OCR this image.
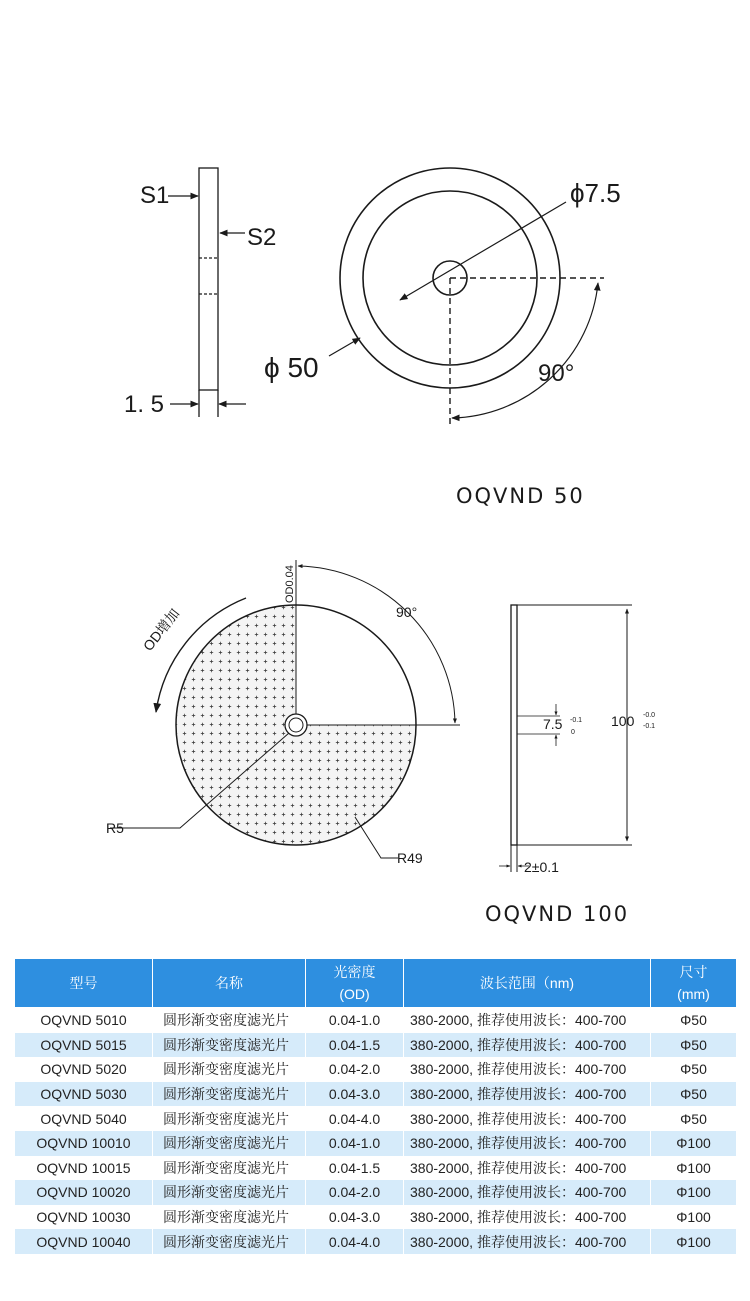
S1
S2
1. 5
ϕ7.5
ϕ 50	90°
OQVND 50
90°
OD0.04
OD增加
R5
R49
7.5 -0.1
0
100 -0.0
-0.1
2±0.1
OQVND 100
型号	名称	光密度
(OD)	波长范围（nm)	尺寸
(mm)

OQVND 5010	圆形渐变密度滤光片	0.04-1.0	380-2000, 推荐使用波长：400-700	Φ50
OQVND 5015	圆形渐变密度滤光片	0.04-1.5	380-2000, 推荐使用波长：400-700	Φ50
OQVND 5020	圆形渐变密度滤光片	0.04-2.0	380-2000, 推荐使用波长：400-700	Φ50
OQVND 5030	圆形渐变密度滤光片	0.04-3.0	380-2000, 推荐使用波长：400-700	Φ50
OQVND 5040	圆形渐变密度滤光片	0.04-4.0	380-2000, 推荐使用波长：400-700	Φ50
OQVND 10010	圆形渐变密度滤光片	0.04-1.0	380-2000, 推荐使用波长：400-700	Φ100
OQVND 10015	圆形渐变密度滤光片	0.04-1.5	380-2000, 推荐使用波长：400-700	Φ100
OQVND 10020	圆形渐变密度滤光片	0.04-2.0	380-2000, 推荐使用波长：400-700	Φ100
OQVND 10030	圆形渐变密度滤光片	0.04-3.0	380-2000, 推荐使用波长：400-700	Φ100
OQVND 10040	圆形渐变密度滤光片	0.04-4.0	380-2000, 推荐使用波长：400-700	Φ100
